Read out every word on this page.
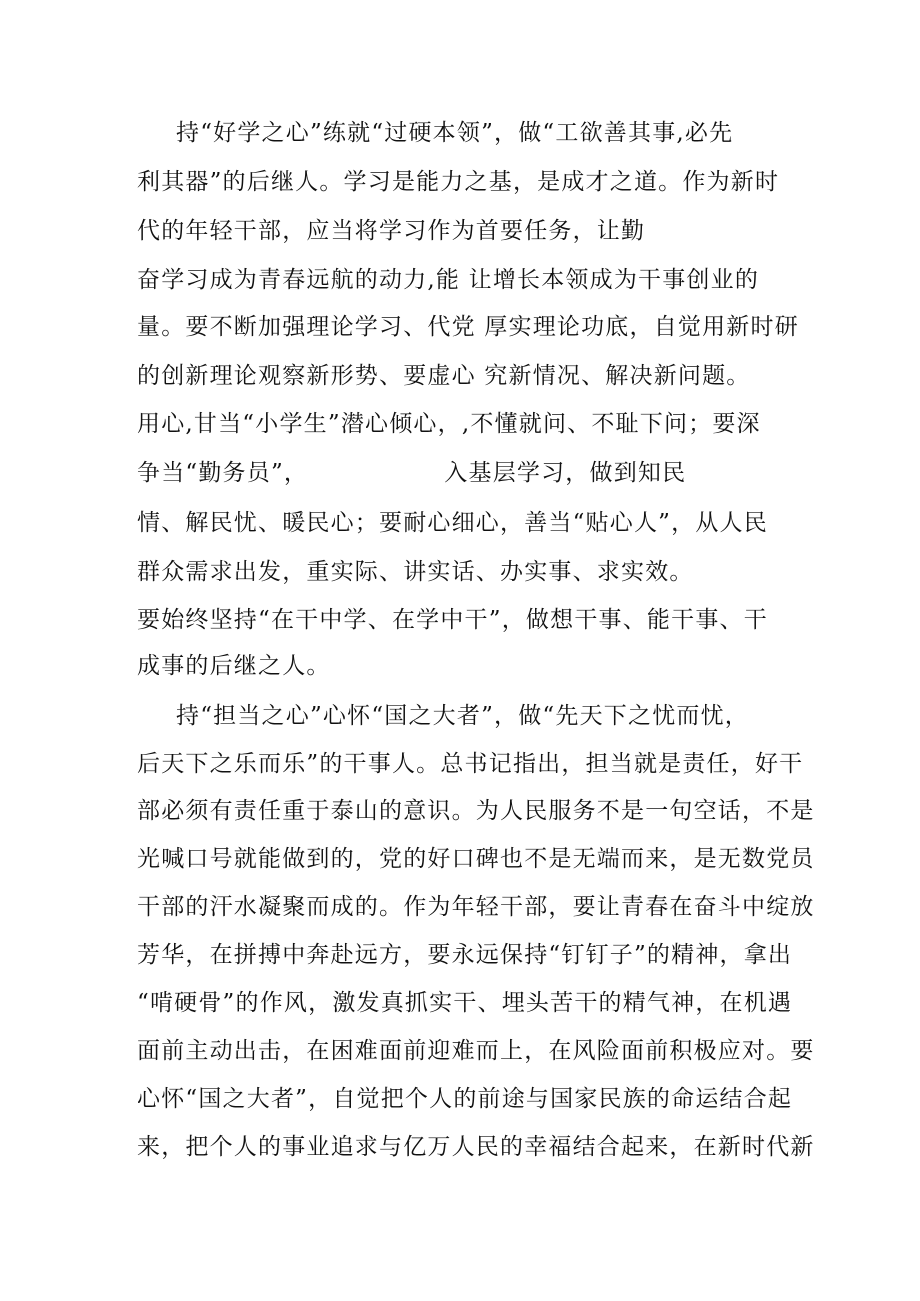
持“好学之心”练就“过硬本领”，做“工欲善其事,必先
利其器”的后继人。学习是能力之基，是成才之道。作为新时
代的年轻干部，应当将学习作为首要任务，让勤
奋学习成为青春远航的动力,能 让增长本领成为干事创业的
量。要不断加强理论学习、代党 厚实理论功底，自觉用新时研
的创新理论观察新形势、要虚心 究新情况、解决新问题。
用心,甘当“小学生”潜心倾心，,不懂就问、不耻下问；要深
争当“勤务员”，                入基层学习，做到知民
情、解民忧、暖民心；要耐心细心，善当“贴心人”，从人民
群众需求出发，重实际、讲实话、办实事、求实效。
要始终坚持“在干中学、在学中干”，做想干事、能干事、干
成事的后继之人。
持“担当之心”心怀“国之大者”，做“先天下之忧而忧，
后天下之乐而乐”的干事人。总书记指出，担当就是责任，好干
部必须有责任重于泰山的意识。为人民服务不是一句空话，不是
光喊口号就能做到的，党的好口碑也不是无端而来，是无数党员
干部的汗水凝聚而成的。作为年轻干部，要让青春在奋斗中绽放
芳华，在拼搏中奔赴远方，要永远保持“钉钉子”的精神，拿出
“啃硬骨”的作风，激发真抓实干、埋头苦干的精气神，在机遇
面前主动出击，在困难面前迎难而上，在风险面前积极应对。要
心怀“国之大者”，自觉把个人的前途与国家民族的命运结合起
来，把个人的事业追求与亿万人民的幸福结合起来，在新时代新
